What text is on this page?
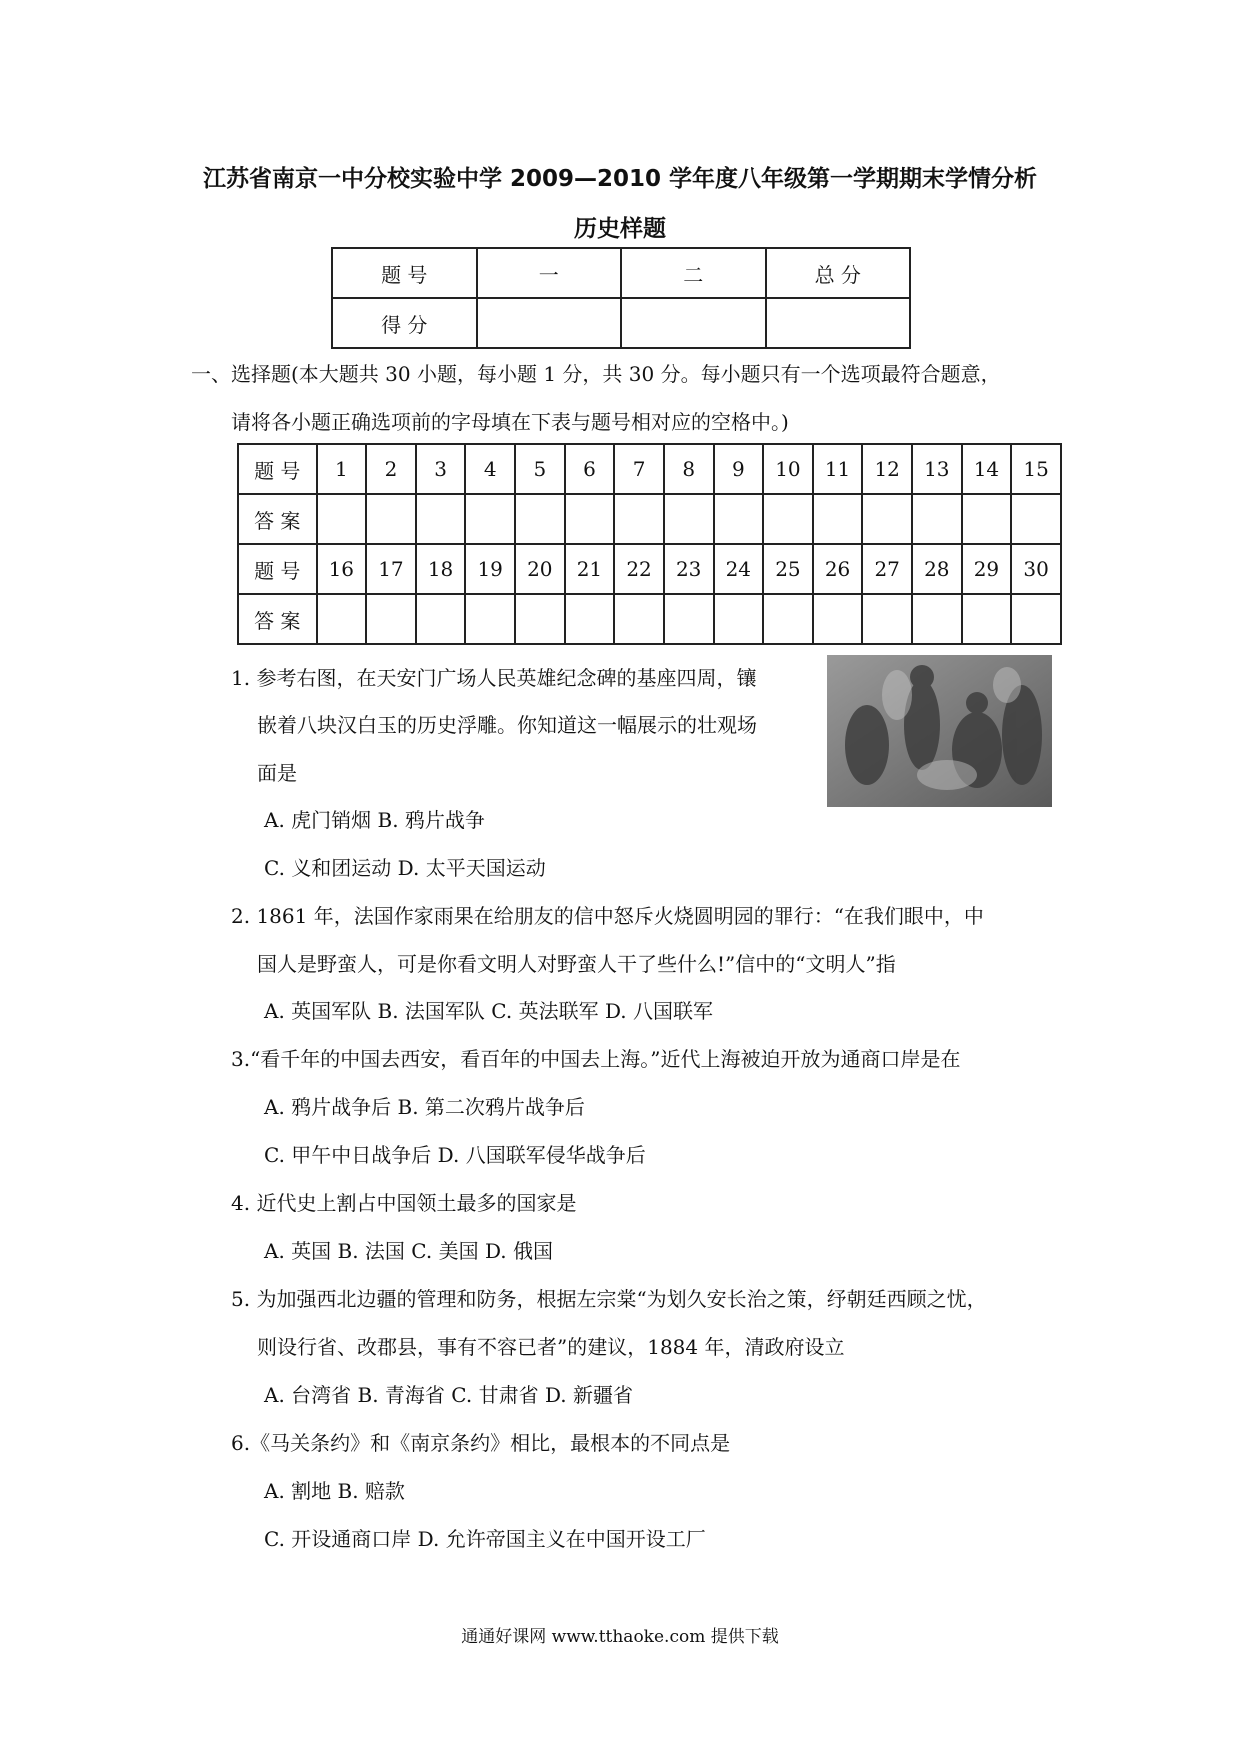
江苏省南京一中分校实验中学 2009—2010 学年度八年级第一学期期末学情分析
历史样题
题 号	一	二	总 分
得 分			
一、选择题(本大题共 30 小题，每小题 1 分，共 30 分。每小题只有一个选项最符合题意，
请将各小题正确选项前的字母填在下表与题号相对应的空格中。)
题 号	1	2	3	4	5	6	7	8	9	10	11	12	13	14	15
答 案															
题 号	16	17	18	19	20	21	22	23	24	25	26	27	28	29	30
答 案															
1. 参考右图，在天安门广场人民英雄纪念碑的基座四周，镶
嵌着八块汉白玉的历史浮雕。你知道这一幅展示的壮观场
面是
A. 虎门销烟 B. 鸦片战争
C. 义和团运动 D. 太平天国运动
2. 1861 年，法国作家雨果在给朋友的信中怒斥火烧圆明园的罪行：“在我们眼中，中
国人是野蛮人，可是你看文明人对野蛮人干了些什么!”信中的“文明人”指
A. 英国军队 B. 法国军队 C. 英法联军 D. 八国联军
3.“看千年的中国去西安，看百年的中国去上海。”近代上海被迫开放为通商口岸是在
A. 鸦片战争后 B. 第二次鸦片战争后
C. 甲午中日战争后 D. 八国联军侵华战争后
4. 近代史上割占中国领土最多的国家是
A. 英国 B. 法国 C. 美国 D. 俄国
5. 为加强西北边疆的管理和防务，根据左宗棠“为划久安长治之策，纾朝廷西顾之忧，
则设行省、改郡县，事有不容已者”的建议，1884 年，清政府设立
A. 台湾省 B. 青海省 C. 甘肃省 D. 新疆省
6.《马关条约》和《南京条约》相比，最根本的不同点是
A. 割地 B. 赔款
C. 开设通商口岸 D. 允许帝国主义在中国开设工厂
通通好课网 www.tthaoke.com 提供下载
